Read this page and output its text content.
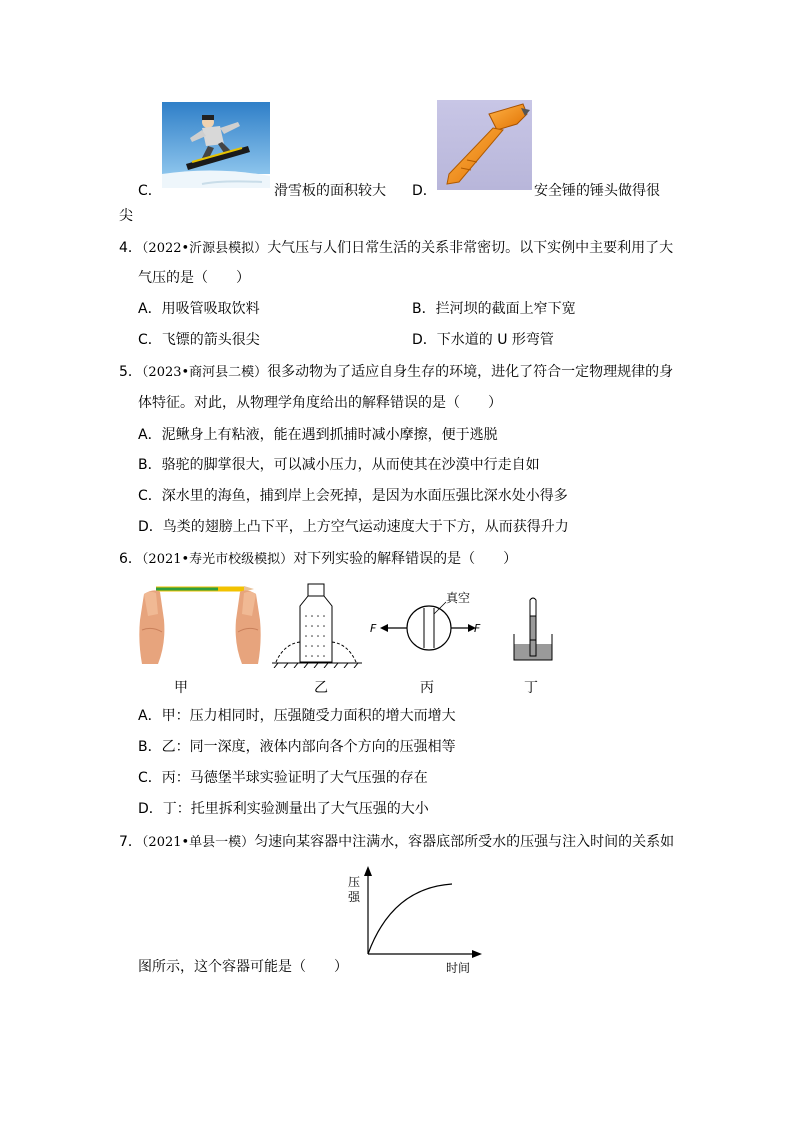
C．	滑雪板的面积较大 D．	安全锤的锤头做得很
尖
4．（2022•沂源县模拟）大气压与人们日常生活的关系非常密切。以下实例中主要利用了大
气压的是（　　）
A．用吸管吸取饮料	B．拦河坝的截面上窄下宽
C．飞镖的箭头很尖	D．下水道的 U 形弯管
5．（2023•商河县二模）很多动物为了适应自身生存的环境，进化了符合一定物理规律的身
体特征。对此，从物理学角度给出的解释错误的是（　　）
A．泥鳅身上有粘液，能在遇到抓捕时减小摩擦，便于逃脱
B．骆驼的脚掌很大，可以减小压力，从而使其在沙漠中行走自如
C．深水里的海鱼，捕到岸上会死掉，是因为水面压强比深水处小得多
D．鸟类的翅膀上凸下平，上方空气运动速度大于下方，从而获得升力
6．（2021•寿光市校级模拟）对下列实验的解释错误的是（　　）
甲	乙
真空
F	F
丙	丁
A．甲：压力相同时，压强随受力面积的增大而增大
B．乙：同一深度，液体内部向各个方向的压强相等
C．丙：马德堡半球实验证明了大气压强的存在
D．丁：托里拆利实验测量出了大气压强的大小
7．（2021•单县一模）匀速向某容器中注满水，容器底部所受水的压强与注入时间的关系如
压
强
时间
图所示，这个容器可能是（　　）
